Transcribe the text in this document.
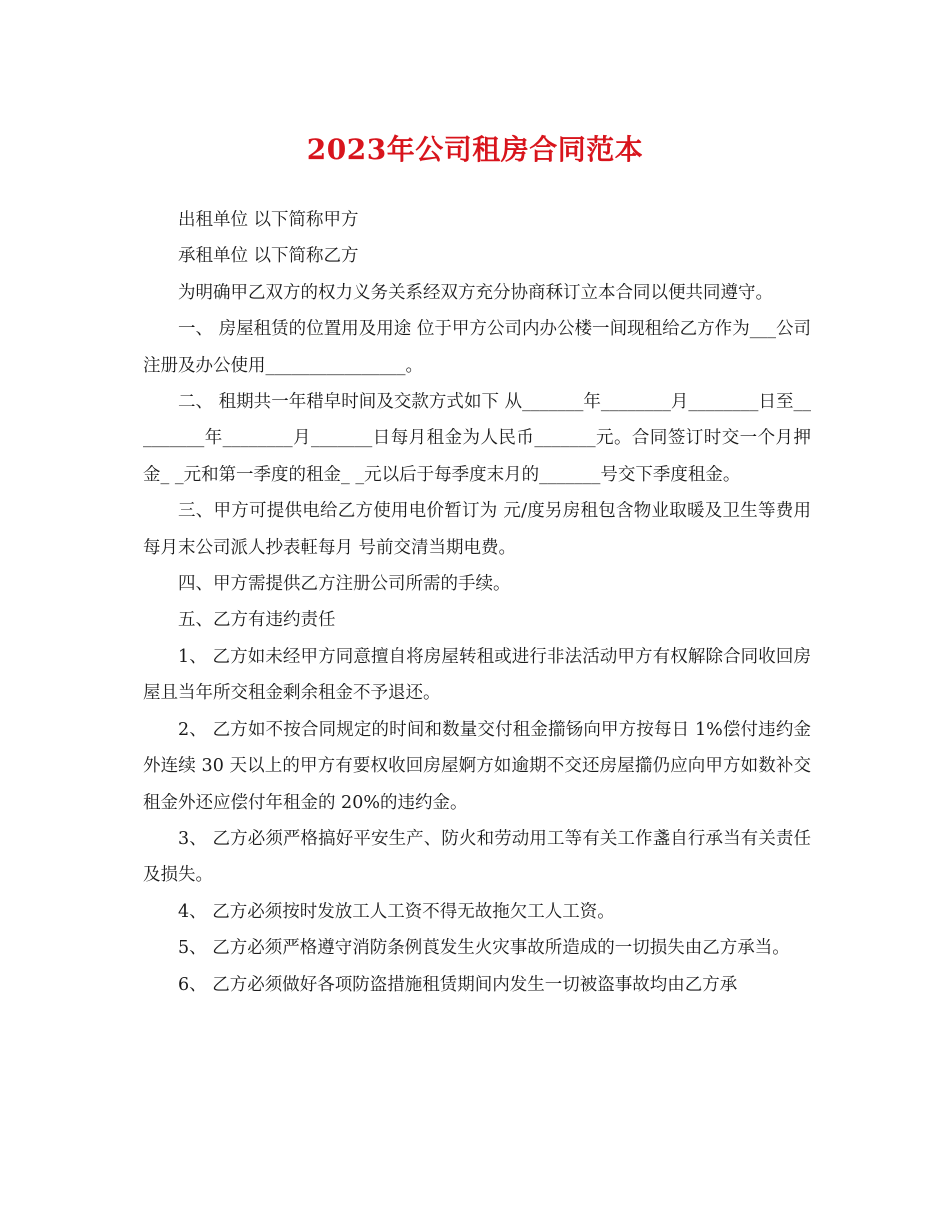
2023年公司租房合同范本

出租单位 以下简称甲方

承租单位 以下简称乙方

为明确甲乙双方的权力义务关系经双方充分协商秝订立本合同以便共同遵守。

一、 房屋租赁的位置用及用途 位于甲方公司内办公楼一间现租给乙方作为___公司注册及办公使用________________。

二、 租期共一年稓皁时间及交款方式如下 从_______年________月________日至_________年________月_______日每月租金为人民币_______元。合同签订时交一个月押金_ _元和第一季度的租金_ _元以后于每季度末月的_______号交下季度租金。

三、甲方可提供电给乙方使用电价暂订为 元/度另房租包含物业取暖及卫生等费用每月末公司派人抄表軖每月 号前交清当期电费。

四、甲方需提供乙方注册公司所需的手续。

五、乙方有违约责任

1、 乙方如未经甲方同意擅自将房屋转租或进行非法活动甲方有权解除合同收回房屋且当年所交租金剩余租金不予退还。

2、 乙方如不按合同规定的时间和数量交付租金擶钖向甲方按每日 1%偿付违约金外连续 30 天以上的甲方有要权收回房屋婀方如逾期不交还房屋擶仍应向甲方如数补交租金外还应偿付年租金的 20%的违约金。

3、 乙方必须严格搞好平安生产、防火和劳动用工等有关工作盞自行承当有关责任及损失。

4、 乙方必须按时发放工人工资不得无故拖欠工人工资。

5、 乙方必须严格遵守消防条例莨发生火灾事故所造成的一切损失由乙方承当。

6、 乙方必须做好各项防盗措施租赁期间内发生一切被盗事故均由乙方承
